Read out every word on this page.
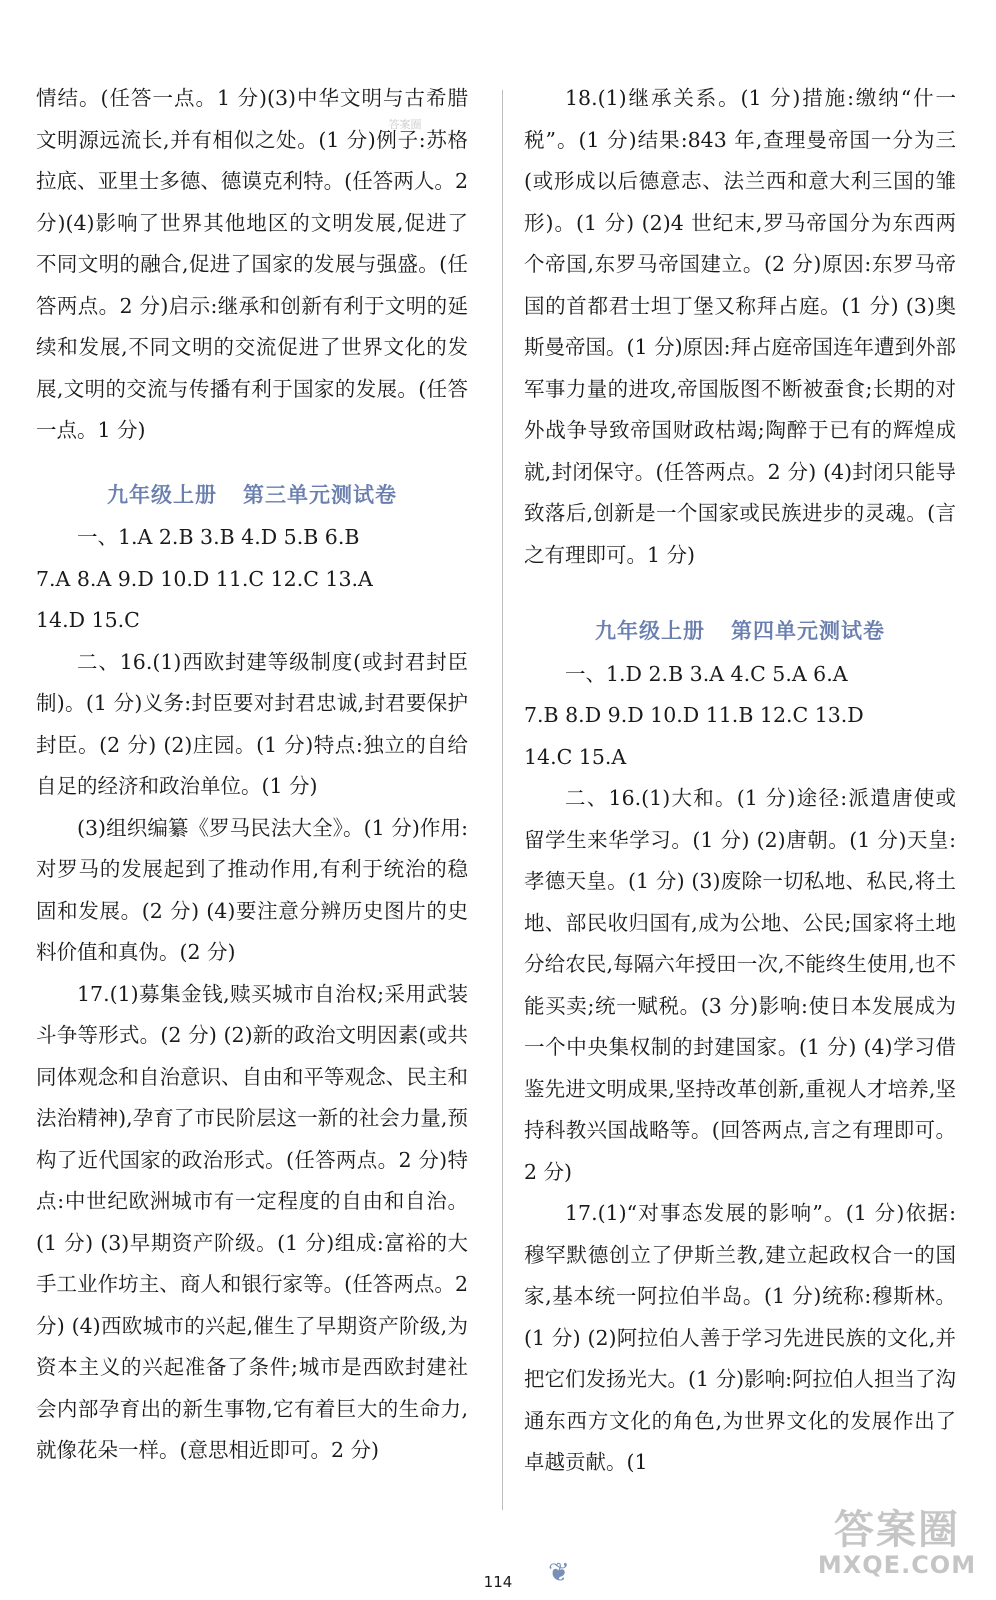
情结。(任答一点。1 分)(3)中华文明与古希腊文明源远流长,并有相似之处。(1 分)例子:苏格拉底、亚里士多德、德谟克利特。(任答两人。2 分)(4)影响了世界其他地区的文明发展,促进了不同文明的融合,促进了国家的发展与强盛。(任答两点。2 分)启示:继承和创新有利于文明的延续和发展,不同文明的交流促进了世界文化的发展,文明的交流与传播有利于国家的发展。(任答一点。1 分)

九年级上册 第三单元测试卷

一、1.A 2.B 3.B 4.D 5.B 6.B

7.A 8.A 9.D 10.D 11.C 12.C 13.A

14.D 15.C

二、16.(1)西欧封建等级制度(或封君封臣制)。(1 分)义务:封臣要对封君忠诚,封君要保护封臣。(2 分) (2)庄园。(1 分)特点:独立的自给自足的经济和政治单位。(1 分)

(3)组织编纂《罗马民法大全》。(1 分)作用:对罗马的发展起到了推动作用,有利于统治的稳固和发展。(2 分) (4)要注意分辨历史图片的史料价值和真伪。(2 分)

17.(1)募集金钱,赎买城市自治权;采用武装斗争等形式。(2 分) (2)新的政治文明因素(或共同体观念和自治意识、自由和平等观念、民主和法治精神),孕育了市民阶层这一新的社会力量,预构了近代国家的政治形式。(任答两点。2 分)特点:中世纪欧洲城市有一定程度的自由和自治。(1 分) (3)早期资产阶级。(1 分)组成:富裕的大手工业作坊主、商人和银行家等。(任答两点。2 分) (4)西欧城市的兴起,催生了早期资产阶级,为资本主义的兴起准备了条件;城市是西欧封建社会内部孕育出的新生事物,它有着巨大的生命力,就像花朵一样。(意思相近即可。2 分)

18.(1)继承关系。(1 分)措施:缴纳“什一税”。(1 分)结果:843 年,查理曼帝国一分为三(或形成以后德意志、法兰西和意大利三国的雏形)。(1 分) (2)4 世纪末,罗马帝国分为东西两个帝国,东罗马帝国建立。(2 分)原因:东罗马帝国的首都君士坦丁堡又称拜占庭。(1 分) (3)奥斯曼帝国。(1 分)原因:拜占庭帝国连年遭到外部军事力量的进攻,帝国版图不断被蚕食;长期的对外战争导致帝国财政枯竭;陶醉于已有的辉煌成就,封闭保守。(任答两点。2 分) (4)封闭只能导致落后,创新是一个国家或民族进步的灵魂。(言之有理即可。1 分)

九年级上册 第四单元测试卷

一、1.D 2.B 3.A 4.C 5.A 6.A

7.B 8.D 9.D 10.D 11.B 12.C 13.D

14.C 15.A

二、16.(1)大和。(1 分)途径:派遣唐使或留学生来华学习。(1 分) (2)唐朝。(1 分)天皇:孝德天皇。(1 分) (3)废除一切私地、私民,将土地、部民收归国有,成为公地、公民;国家将土地分给农民,每隔六年授田一次,不能终生使用,也不能买卖;统一赋税。(3 分)影响:使日本发展成为一个中央集权制的封建国家。(1 分) (4)学习借鉴先进文明成果,坚持改革创新,重视人才培养,坚持科教兴国战略等。(回答两点,言之有理即可。2 分)

17.(1)“对事态发展的影响”。(1 分)依据:穆罕默德创立了伊斯兰教,建立起政权合一的国家,基本统一阿拉伯半岛。(1 分)统称:穆斯林。(1 分) (2)阿拉伯人善于学习先进民族的文化,并把它们发扬光大。(1 分)影响:阿拉伯人担当了沟通东西方文化的角色,为世界文化的发展作出了卓越贡献。(1

答案圈
❦
114
答案圈
MXQE.COM
